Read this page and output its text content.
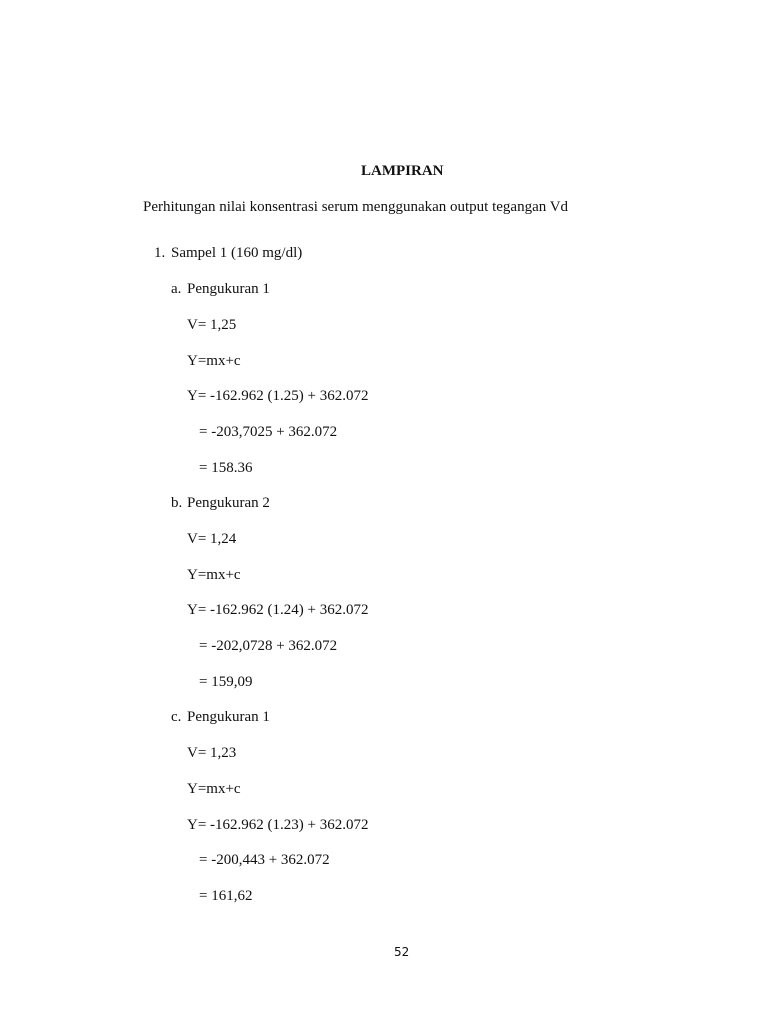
LAMPIRAN
Perhitungan nilai konsentrasi serum menggunakan output tegangan Vd
1. Sampel 1 (160 mg/dl)
a. Pengukuran 1
V= 1,25
Y=mx+c
Y= -162.962 (1.25) + 362.072
= -203,7025 + 362.072
= 158.36
b. Pengukuran 2
V= 1,24
Y=mx+c
Y= -162.962 (1.24) + 362.072
= -202,0728 + 362.072
= 159,09
c. Pengukuran 1
V= 1,23
Y=mx+c
Y= -162.962 (1.23) + 362.072
= -200,443 + 362.072
= 161,62
52
